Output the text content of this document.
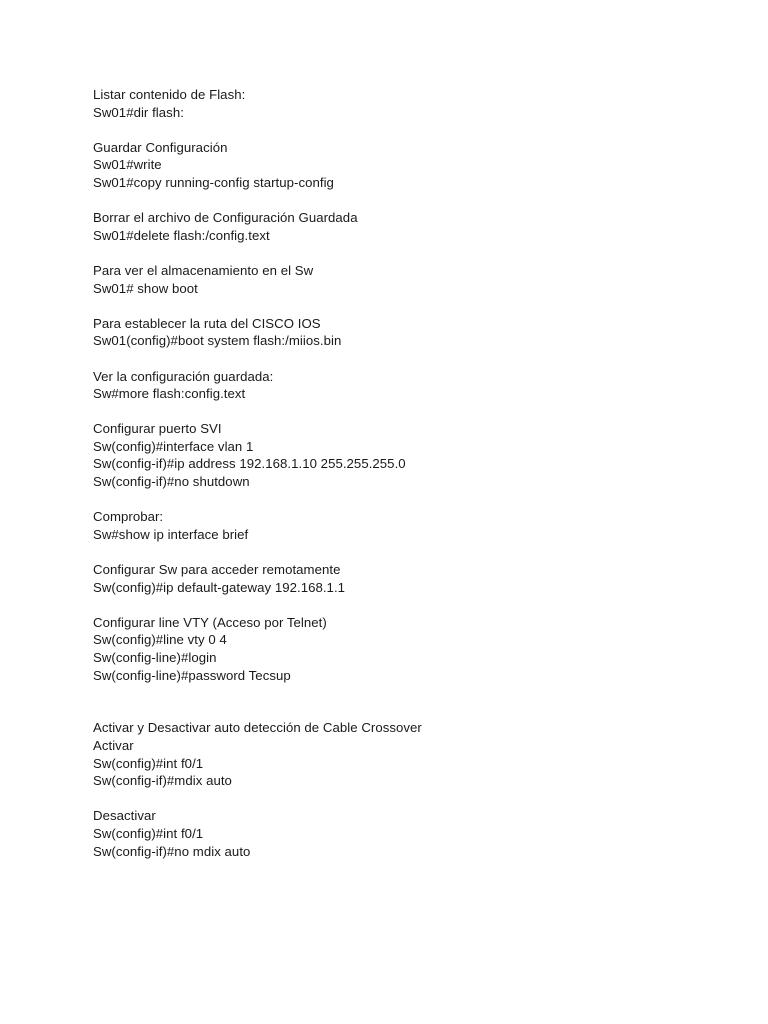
Listar contenido de Flash:
Sw01#dir flash:
Guardar Configuración
Sw01#write
Sw01#copy running-config startup-config
Borrar el archivo de Configuración Guardada
Sw01#delete flash:/config.text
Para ver el almacenamiento en el Sw
Sw01# show boot
Para establecer la ruta del CISCO IOS
Sw01(config)#boot system flash:/miios.bin
Ver la configuración guardada:
Sw#more flash:config.text
Configurar puerto SVI
Sw(config)#interface vlan 1
Sw(config-if)#ip address 192.168.1.10 255.255.255.0
Sw(config-if)#no shutdown
Comprobar:
Sw#show ip interface brief
Configurar Sw para acceder remotamente
Sw(config)#ip default-gateway 192.168.1.1
Configurar line VTY (Acceso por Telnet)
Sw(config)#line vty 0 4
Sw(config-line)#login
Sw(config-line)#password Tecsup
Activar y Desactivar auto detección de Cable Crossover
Activar
Sw(config)#int f0/1
Sw(config-if)#mdix auto
Desactivar
Sw(config)#int f0/1
Sw(config-if)#no mdix auto
